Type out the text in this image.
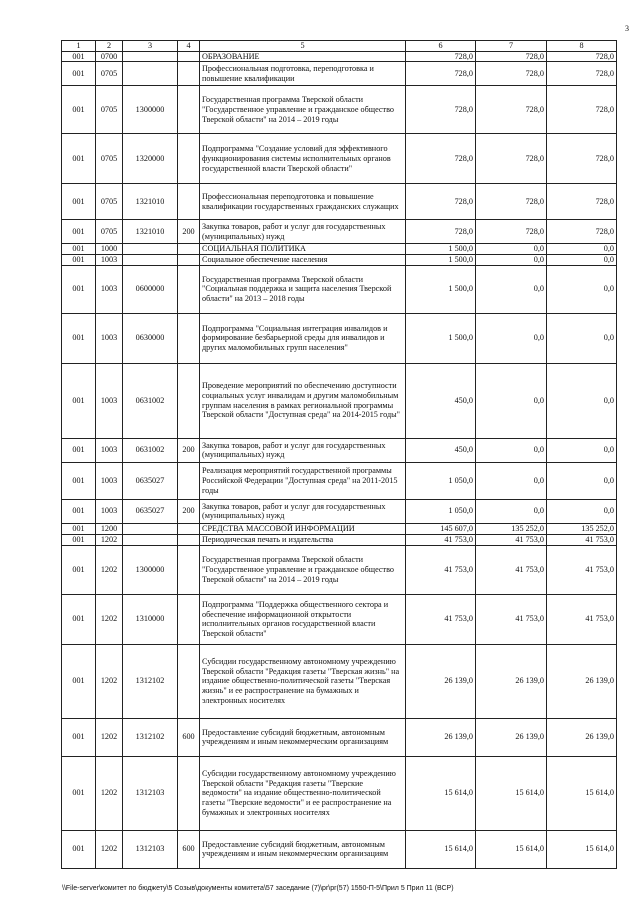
3
1	2	3	4	5	6	7	8
001	0700			ОБРАЗОВАНИЕ	728,0	728,0	728,0
001	0705			Профессиональная подготовка, переподготовка и повышение квалификации	728,0	728,0	728,0
001	0705	1300000		Государственная программа Тверской области "Государственное управление и гражданское общество Тверской области" на 2014 – 2019 годы	728,0	728,0	728,0
001	0705	1320000		Подпрограмма "Создание условий для эффективного функционирования системы исполнительных органов государственной власти Тверской области"	728,0	728,0	728,0
001	0705	1321010		Профессиональная переподготовка и повышение квалификации государственных гражданских служащих	728,0	728,0	728,0
001	0705	1321010	200	Закупка товаров, работ и услуг для государственных (муниципальных) нужд	728,0	728,0	728,0
001	1000			СОЦИАЛЬНАЯ ПОЛИТИКА	1 500,0	0,0	0,0
001	1003			Социальное обеспечение населения	1 500,0	0,0	0,0
001	1003	0600000		Государственная программа Тверской области "Социальная поддержка и защита населения Тверской области" на 2013 – 2018 годы	1 500,0	0,0	0,0
001	1003	0630000		Подпрограмма "Социальная интеграция инвалидов и формирование безбарьерной среды для инвалидов и других маломобильных групп населения"	1 500,0	0,0	0,0
001	1003	0631002		Проведение мероприятий по обеспечению доступности социальных услуг инвалидам и другим маломобильным группам населения в рамках региональной программы Тверской области "Доступная среда" на 2014-2015 годы"	450,0	0,0	0,0
001	1003	0631002	200	Закупка товаров, работ и услуг для государственных (муниципальных) нужд	450,0	0,0	0,0
001	1003	0635027		Реализация мероприятий государственной программы Российской Федерации "Доступная среда" на 2011-2015 годы	1 050,0	0,0	0,0
001	1003	0635027	200	Закупка товаров, работ и услуг для государственных (муниципальных) нужд	1 050,0	0,0	0,0
001	1200			СРЕДСТВА МАССОВОЙ ИНФОРМАЦИИ	145 607,0	135 252,0	135 252,0
001	1202			Периодическая печать и издательства	41 753,0	41 753,0	41 753,0
001	1202	1300000		Государственная программа Тверской области "Государственное управление и гражданское общество Тверской области" на 2014 – 2019 годы	41 753,0	41 753,0	41 753,0
001	1202	1310000		Подпрограмма "Поддержка общественного сектора и обеспечение информационной открытости исполнительных органов государственной власти Тверской области"	41 753,0	41 753,0	41 753,0
001	1202	1312102		Субсидии государственному автономному учреждению Тверской области "Редакция газеты "Тверская жизнь" на издание общественно-политической газеты "Тверская жизнь" и ее распространение на бумажных и электронных носителях	26 139,0	26 139,0	26 139,0
001	1202	1312102	600	Предоставление субсидий бюджетным, автономным учреждениям и иным некоммерческим организациям	26 139,0	26 139,0	26 139,0
001	1202	1312103		Субсидии государственному автономному учреждению Тверской области "Редакция газеты "Тверские ведомости" на издание общественно-политической газеты "Тверские ведомости" и ее распространение на бумажных и электронных носителях	15 614,0	15 614,0	15 614,0
001	1202	1312103	600	Предоставление субсидий бюджетным, автономным учреждениям и иным некоммерческим организациям	15 614,0	15 614,0	15 614,0
\\File-server\комитет по бюджету\5 Созыв\документы комитета\57 заседание (7)\pr\pr(57) 1550-П-5\Прил 5 Прил 11 (ВСР)
